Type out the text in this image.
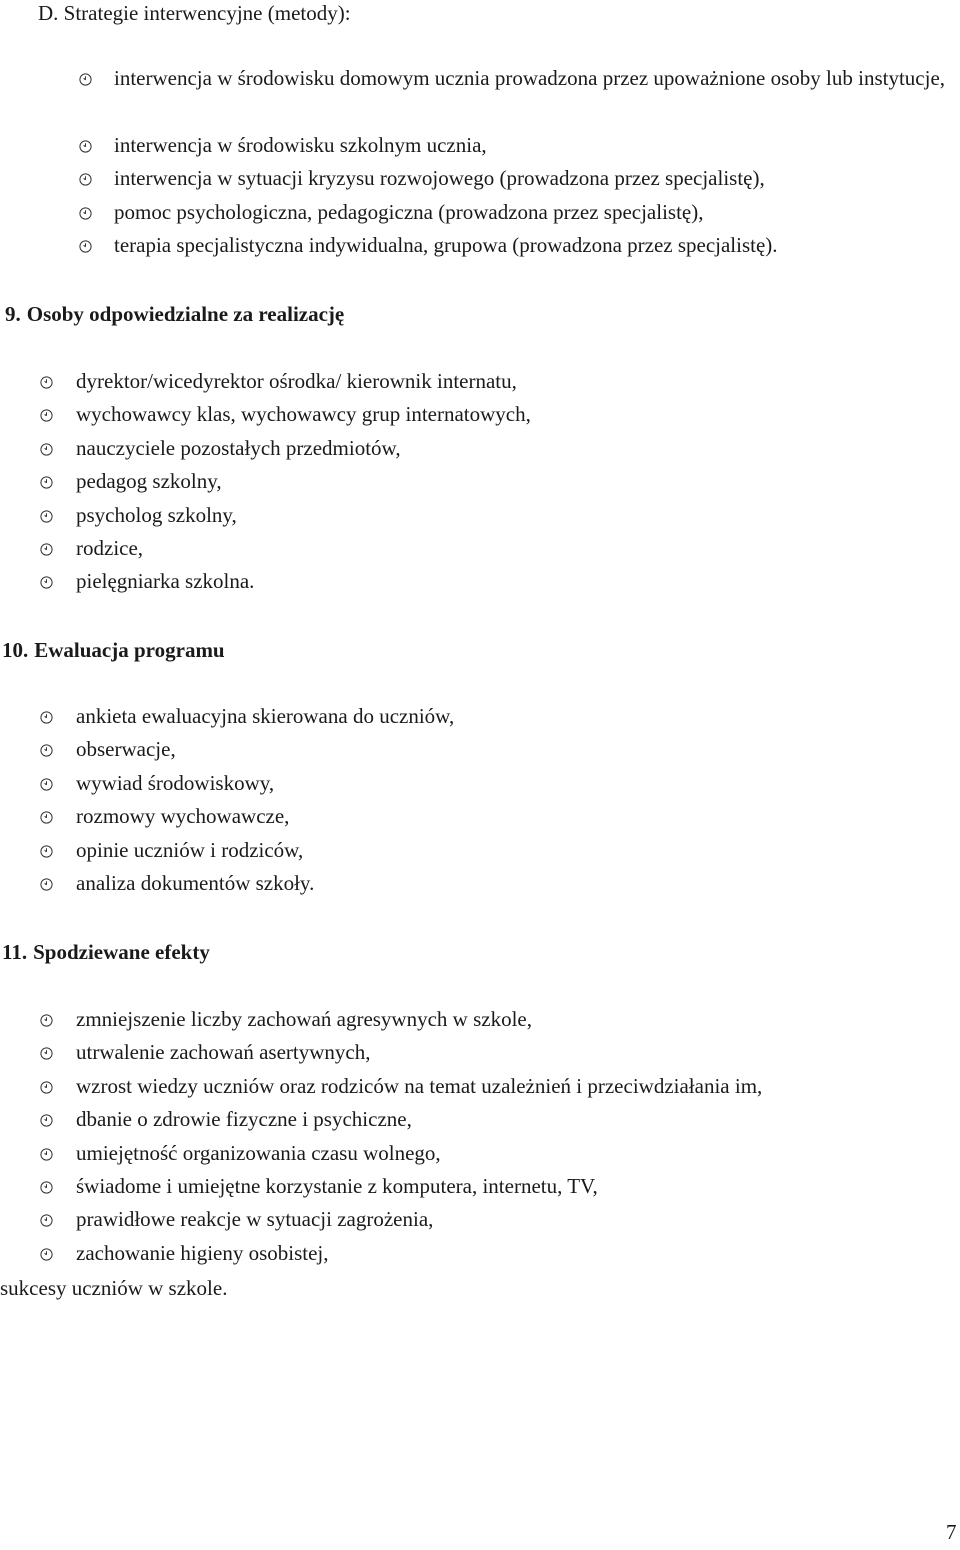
D. Strategie interwencyjne (metody):
interwencja w środowisku domowym ucznia prowadzona przez upoważnione osoby lub instytucje,
interwencja w środowisku szkolnym ucznia,
interwencja w sytuacji kryzysu rozwojowego (prowadzona przez specjalistę),
pomoc psychologiczna, pedagogiczna (prowadzona przez specjalistę),
terapia specjalistyczna indywidualna, grupowa (prowadzona przez specjalistę).
9. Osoby odpowiedzialne za realizację
dyrektor/wicedyrektor ośrodka/ kierownik internatu,
wychowawcy klas, wychowawcy grup internatowych,
nauczyciele pozostałych przedmiotów,
pedagog szkolny,
psycholog szkolny,
rodzice,
pielęgniarka szkolna.
10. Ewaluacja programu
ankieta ewaluacyjna skierowana do uczniów,
obserwacje,
wywiad środowiskowy,
rozmowy wychowawcze,
opinie uczniów i rodziców,
analiza dokumentów szkoły.
11. Spodziewane efekty
zmniejszenie liczby zachowań agresywnych w szkole,
utrwalenie zachowań asertywnych,
wzrost wiedzy uczniów oraz rodziców na temat uzależnień i przeciwdziałania im,
dbanie o zdrowie fizyczne i psychiczne,
umiejętność organizowania czasu wolnego,
świadome i umiejętne korzystanie z komputera, internetu, TV,
prawidłowe reakcje w sytuacji zagrożenia,
zachowanie higieny osobistej,

sukcesy uczniów w szkole.

7
